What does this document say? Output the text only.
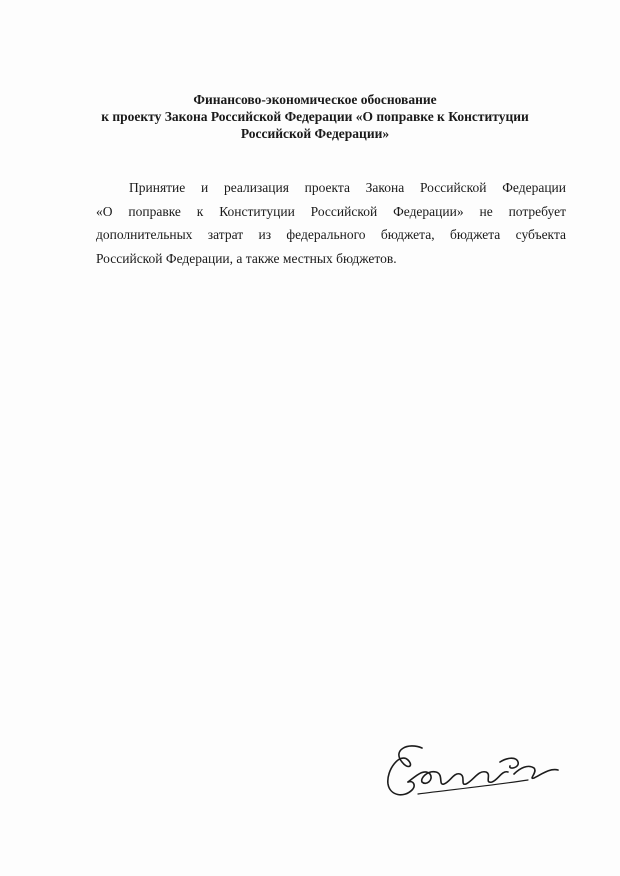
Финансово-экономическое обоснование
к проекту Закона Российской Федерации «О поправке к Конституции
Российской Федерации»
Принятие и реализация проекта Закона Российской Федерации
«О поправке к Конституции Российской Федерации» не потребует
дополнительных затрат из федерального бюджета, бюджета субъекта
Российской Федерации, а также местных бюджетов.
